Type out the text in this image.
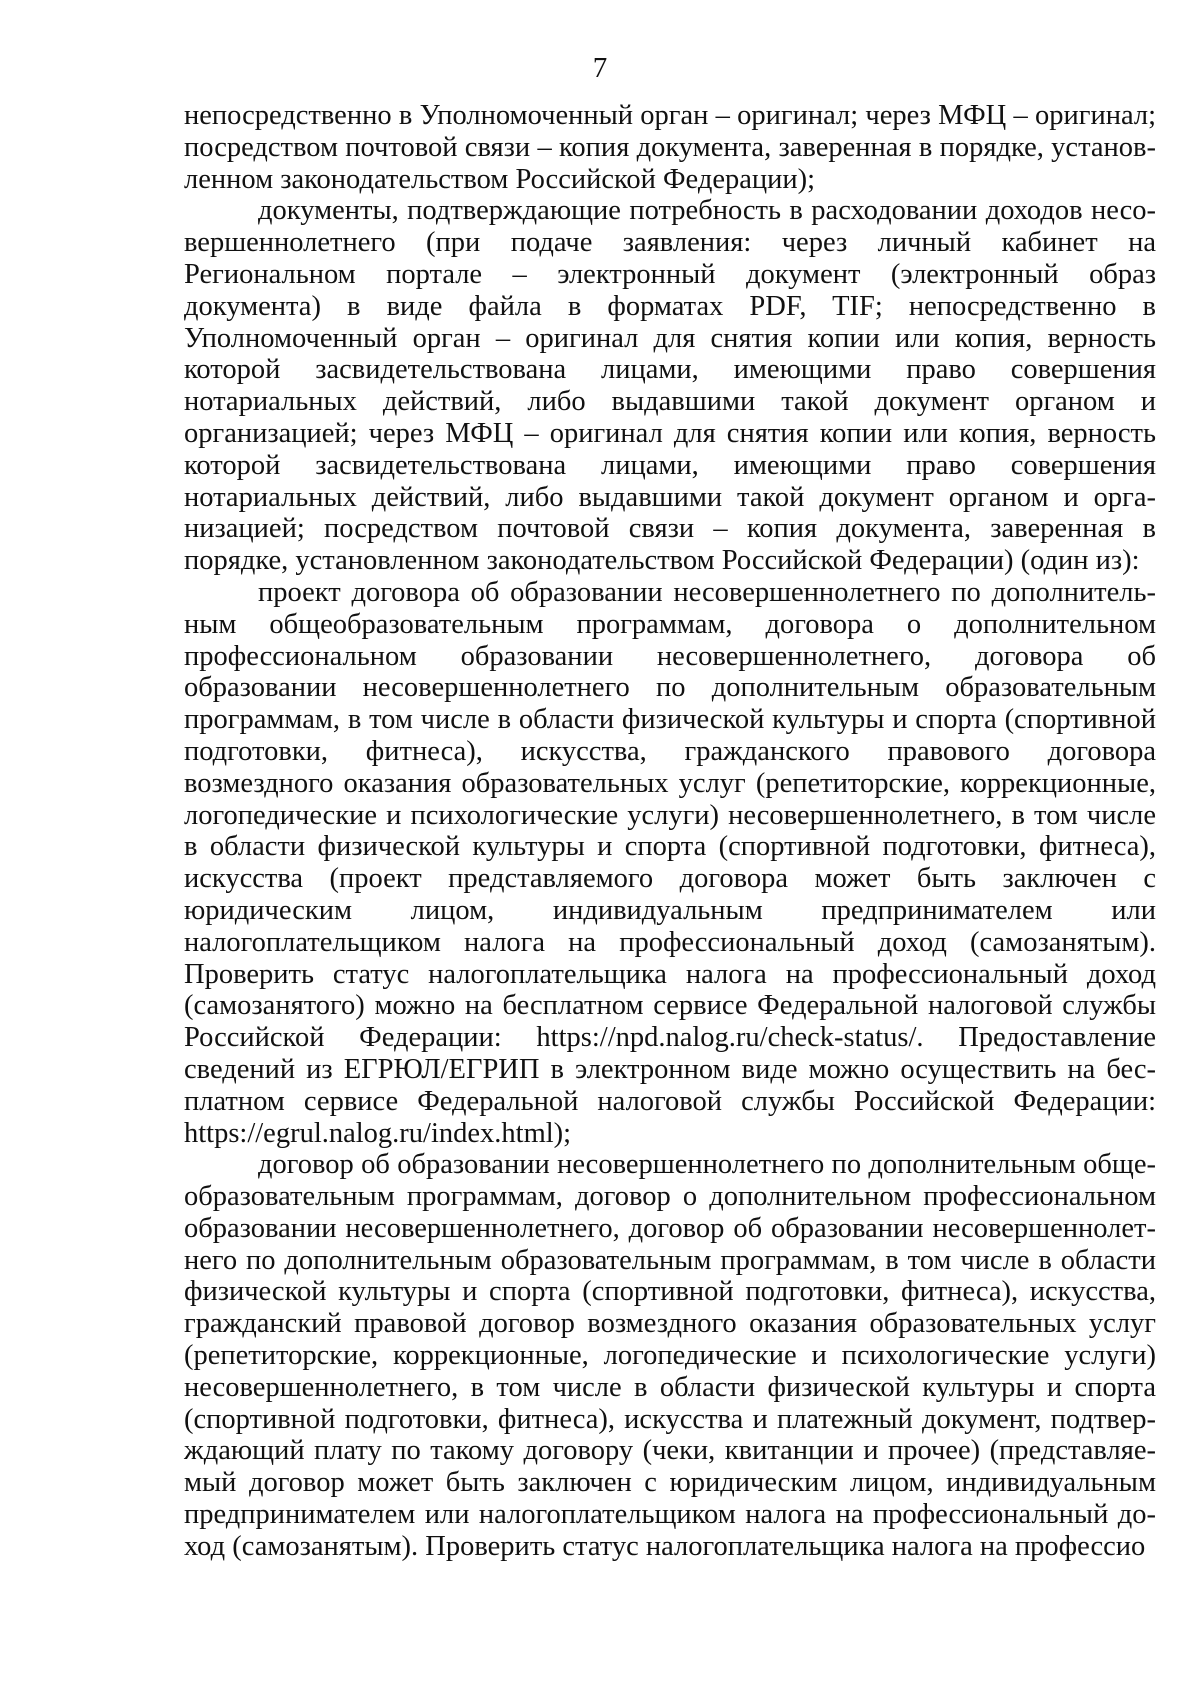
7

непосредственно в Уполномоченный орган – оригинал; через МФЦ – оригинал; посредством почтовой связи – копия документа, заверенная в порядке, установленном законодательством Российской Федерации);

документы, подтверждающие потребность в расходовании доходов несовершеннолетнего (при подаче заявления: через личный кабинет на Региональном портале – электронный документ (электронный образ документа) в виде файла в форматах PDF, TIF; непосредственно в Уполномоченный орган – оригинал для снятия копии или копия, верность которой засвидетельствована лицами, имеющими право совершения нотариальных действий, либо выдавшими такой документ органом и организацией; через МФЦ – оригинал для снятия копии или копия, верность которой засвидетельствована лицами, имеющими право совершения нотариальных действий, либо выдавшими такой документ органом и организацией; посредством почтовой связи – копия документа, заверенная в порядке, установленном законодательством Российской Федерации) (один из):

проект договора об образовании несовершеннолетнего по дополнительным общеобразовательным программам, договора о дополнительном профессиональном образовании несовершеннолетнего, договора об образовании несовершеннолетнего по дополнительным образовательным программам, в том числе в области физической культуры и спорта (спортивной подготовки, фитнеса), искусства, гражданского правового договора возмездного оказания образовательных услуг (репетиторские, коррекционные, логопедические и психологические услуги) несовершеннолетнего, в том числе в области физической культуры и спорта (спортивной подготовки, фитнеса), искусства (проект представляемого договора может быть заключен с юридическим лицом, индивидуальным предпринимателем или налогоплательщиком налога на профессиональный доход (самозанятым). Проверить статус налогоплательщика налога на профессиональный доход (самозанятого) можно на бесплатном сервисе Федеральной налоговой службы Российской Федерации: https://npd.nalog.ru/check-status/. Предоставление сведений из ЕГРЮЛ/ЕГРИП в электронном виде можно осуществить на бесплатном сервисе Федеральной налоговой службы Российской Федерации: https://egrul.nalog.ru/index.html);

договор об образовании несовершеннолетнего по дополнительным общеобразовательным программам, договор о дополнительном профессиональном образовании несовершеннолетнего, договор об образовании несовершеннолетнего по дополнительным образовательным программам, в том числе в области физической культуры и спорта (спортивной подготовки, фитнеса), искусства, гражданский правовой договор возмездного оказания образовательных услуг (репетиторские, коррекционные, логопедические и психологические услуги) несовершеннолетнего, в том числе в области физической культуры и спорта (спортивной подготовки, фитнеса), искусства и платежный документ, подтверждающий плату по такому договору (чеки, квитанции и прочее) (представляемый договор может быть заключен с юридическим лицом, индивидуальным предпринимателем или налогоплательщиком налога на профессиональный доход (самозанятым). Проверить статус налогоплательщика налога на профессио
